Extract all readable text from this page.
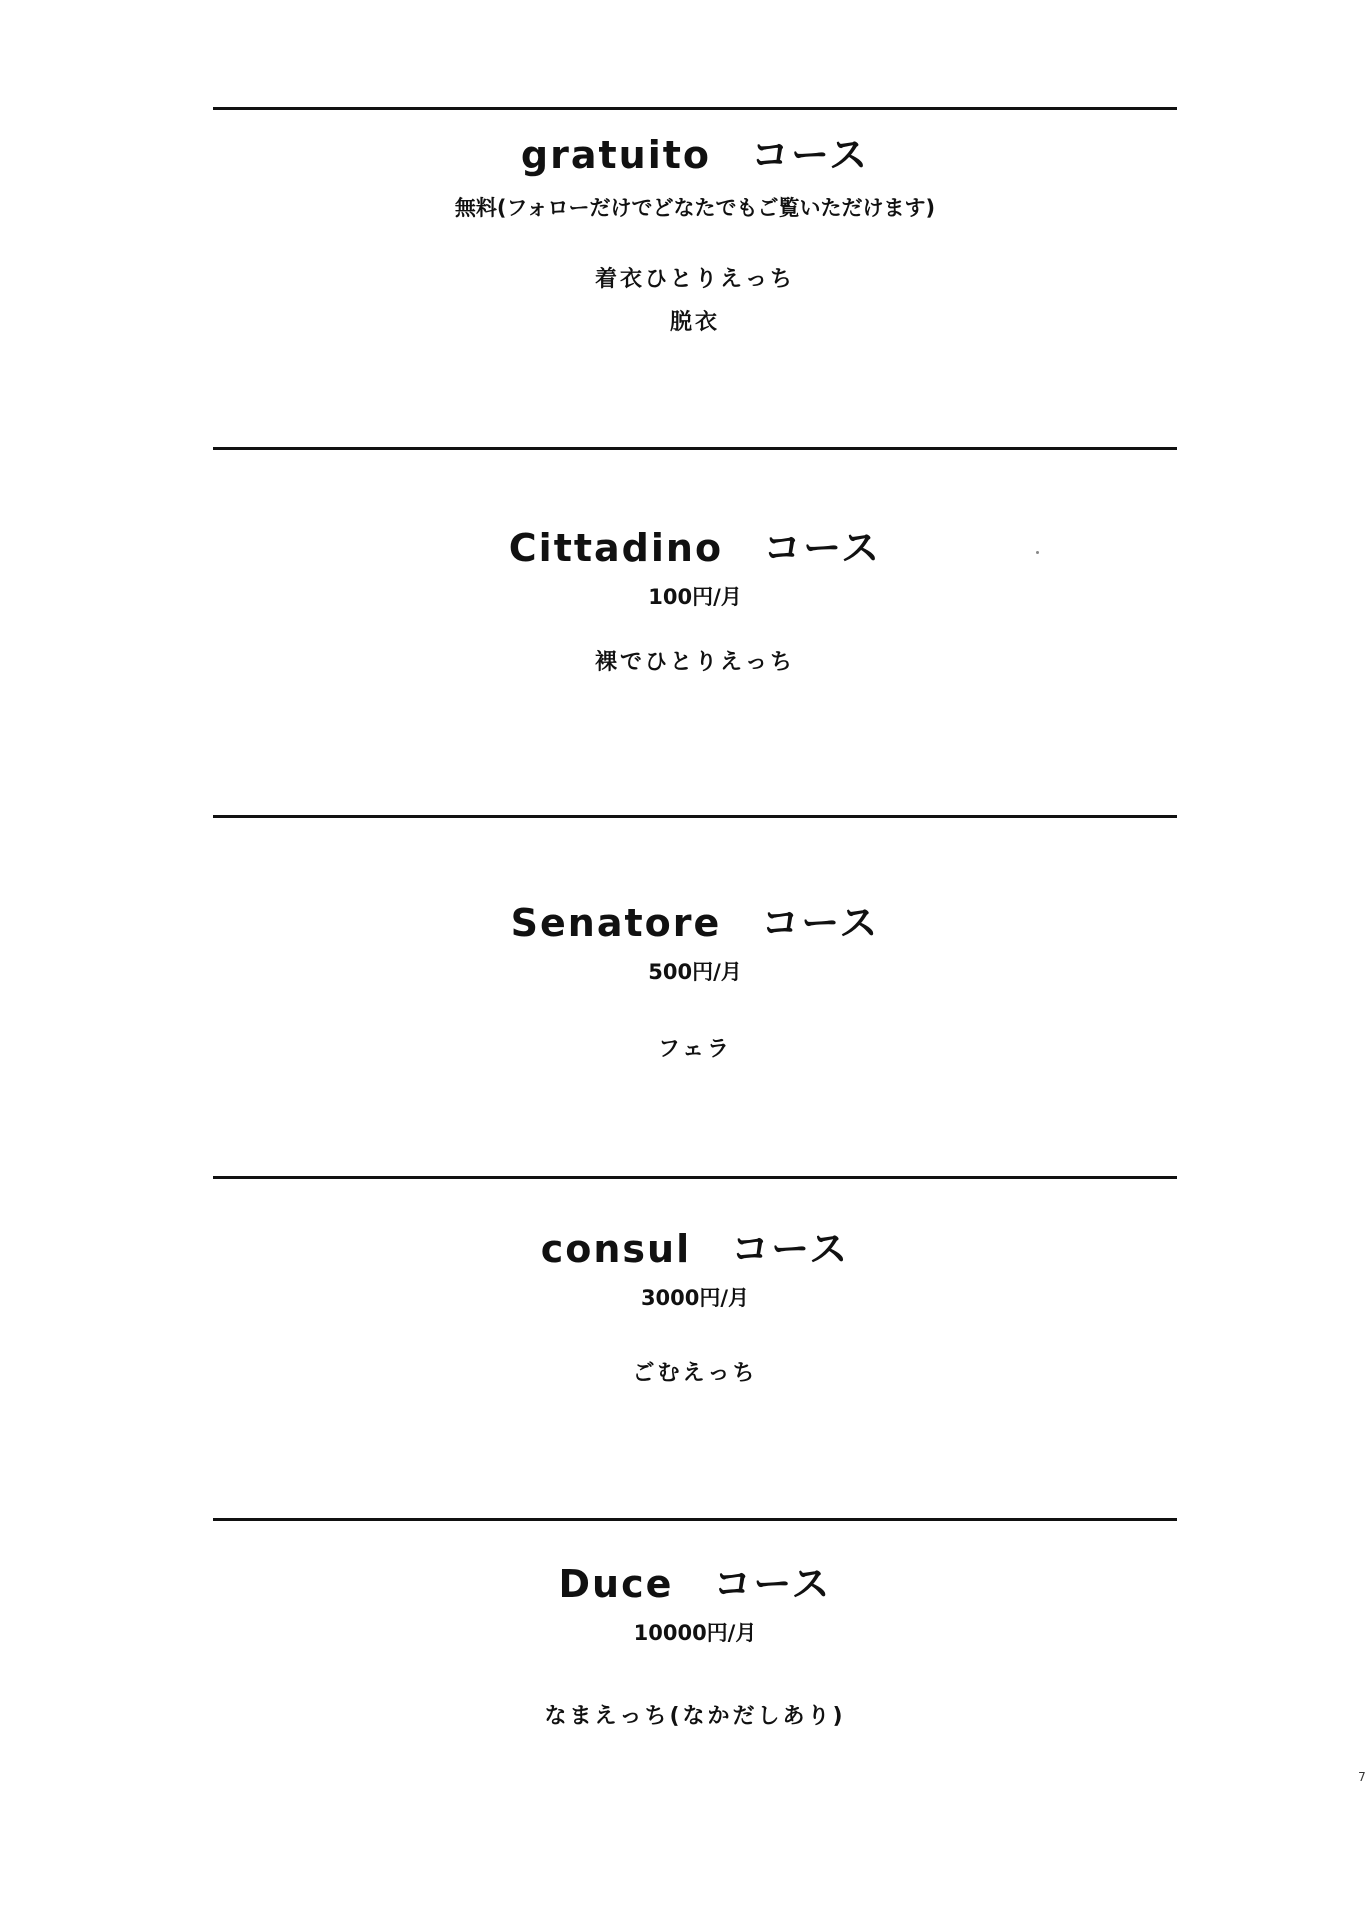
gratuito コース

無料(フォローだけでどなたでもご覧いただけます)

着衣ひとりえっち

脱衣

Cittadino コース

100円/月

裸でひとりえっち

Senatore コース

500円/月

フェラ

consul コース

3000円/月

ごむえっち

Duce コース

10000円/月

なまえっち(なかだしあり)

7
